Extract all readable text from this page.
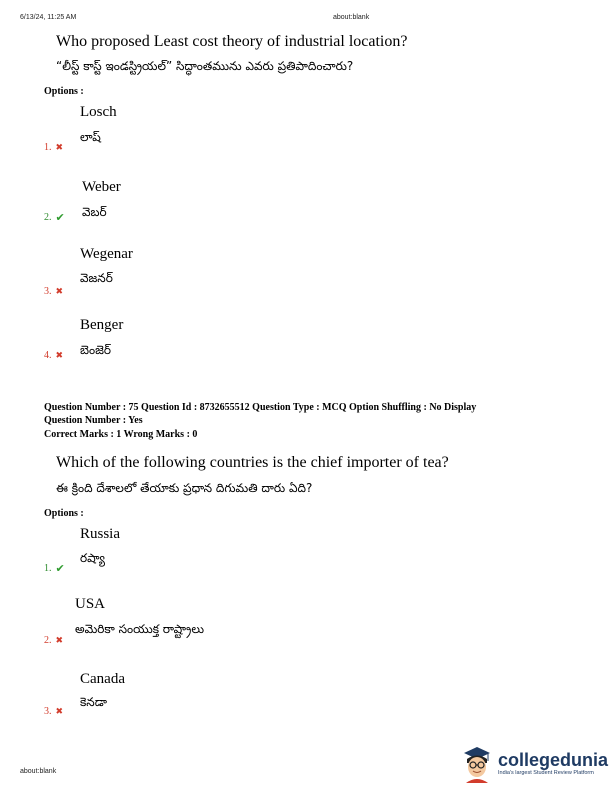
6/13/24, 11:25 AM	about:blank
Who proposed Least cost theory of industrial location?
“లీస్ట్ కాస్ట్ ఇండస్ట్రియల్” సిద్ధాంతమును ఎవరు ప్రతిపాదించారు?
Options :
Losch
లాష్
1. ✖
Weber
వెబర్
2. ✔
Wegenar
వెజనర్
3. ✖
Benger
బెంజెర్
4. ✖
Question Number : 75 Question Id : 8732655512 Question Type : MCQ Option Shuffling : No Display
Question Number : Yes
Correct Marks : 1 Wrong Marks : 0
Which of the following countries is the chief importer of tea?
ఈ క్రింది దేశాలలో తేయాకు ప్రధాన దిగుమతి దారు ఏది?
Options :
Russia
రష్యా
1. ✔
USA
అమెరికా సంయుక్త రాష్ట్రాలు
2. ✖
Canada
కెనడా
3. ✖
about:blank
collegedunia
India's largest Student Review Platform
